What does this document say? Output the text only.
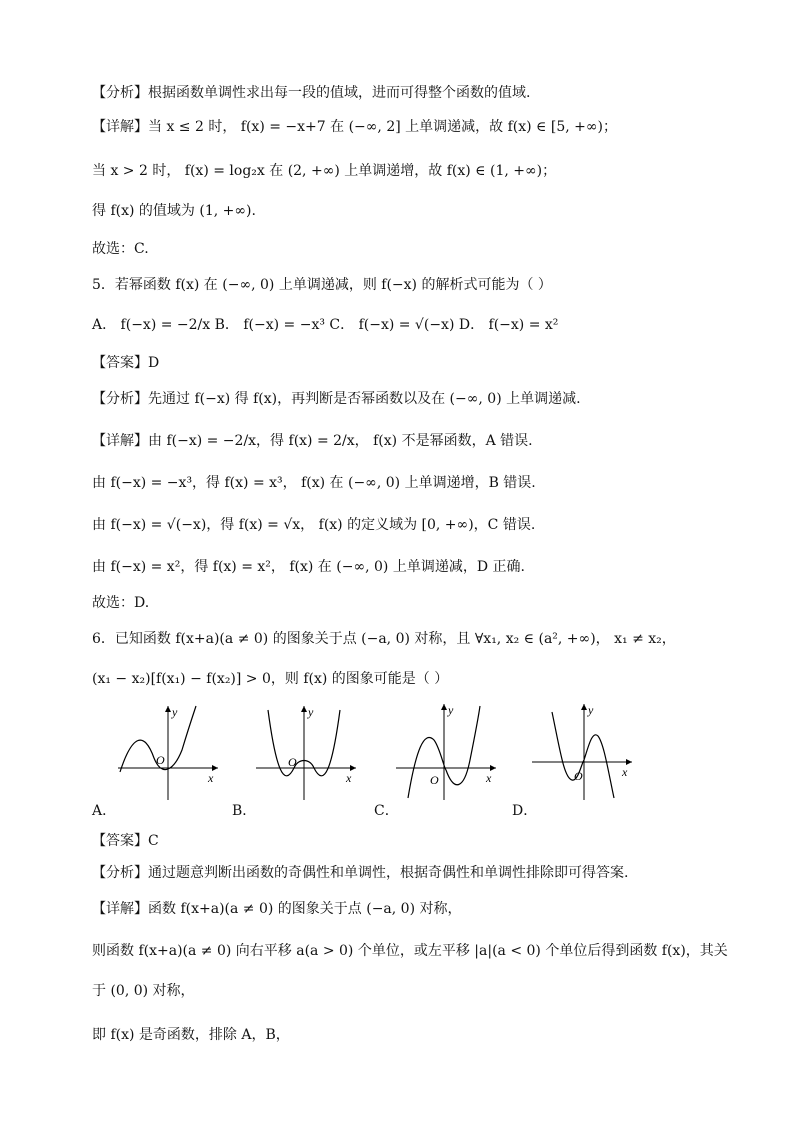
【分析】根据函数单调性求出每一段的值域，进而可得整个函数的值域.
【详解】当 x ≤ 2 时， f(x) = −x+7 在 (−∞, 2] 上单调递减，故 f(x) ∈ [5, +∞)；
当 x > 2 时， f(x) = log₂x 在 (2, +∞) 上单调递增，故 f(x) ∈ (1, +∞)；
得 f(x) 的值域为 (1, +∞).
故选：C.
5．若幂函数 f(x) 在 (−∞, 0) 上单调递减，则 f(−x) 的解析式可能为（ ）
A． f(−x) = −2/x B． f(−x) = −x³ C． f(−x) = √(−x) D． f(−x) = x²
【答案】D
【分析】先通过 f(−x) 得 f(x)，再判断是否幂函数以及在 (−∞, 0) 上单调递减.
【详解】由 f(−x) = −2/x，得 f(x) = 2/x， f(x) 不是幂函数，A 错误.
由 f(−x) = −x³，得 f(x) = x³， f(x) 在 (−∞, 0) 上单调递增，B 错误.
由 f(−x) = √(−x)，得 f(x) = √x， f(x) 的定义域为 [0, +∞)，C 错误.
由 f(−x) = x²，得 f(x) = x²， f(x) 在 (−∞, 0) 上单调递减，D 正确.
故选：D.
6．已知函数 f(x+a)(a ≠ 0) 的图象关于点 (−a, 0) 对称，且 ∀x₁, x₂ ∈ (a², +∞)， x₁ ≠ x₂，
(x₁ − x₂)[f(x₁) − f(x₂)] > 0，则 f(x) 的图象可能是（ ）
x
y
O
A．
x
y
O
B．
x
y
O
C．
x
y
O
D．
【答案】C
【分析】通过题意判断出函数的奇偶性和单调性，根据奇偶性和单调性排除即可得答案.
【详解】函数 f(x+a)(a ≠ 0) 的图象关于点 (−a, 0) 对称，
则函数 f(x+a)(a ≠ 0) 向右平移 a(a > 0) 个单位，或左平移 |a|(a < 0) 个单位后得到函数 f(x)，其关
于 (0, 0) 对称，
即 f(x) 是奇函数，排除 A，B，
